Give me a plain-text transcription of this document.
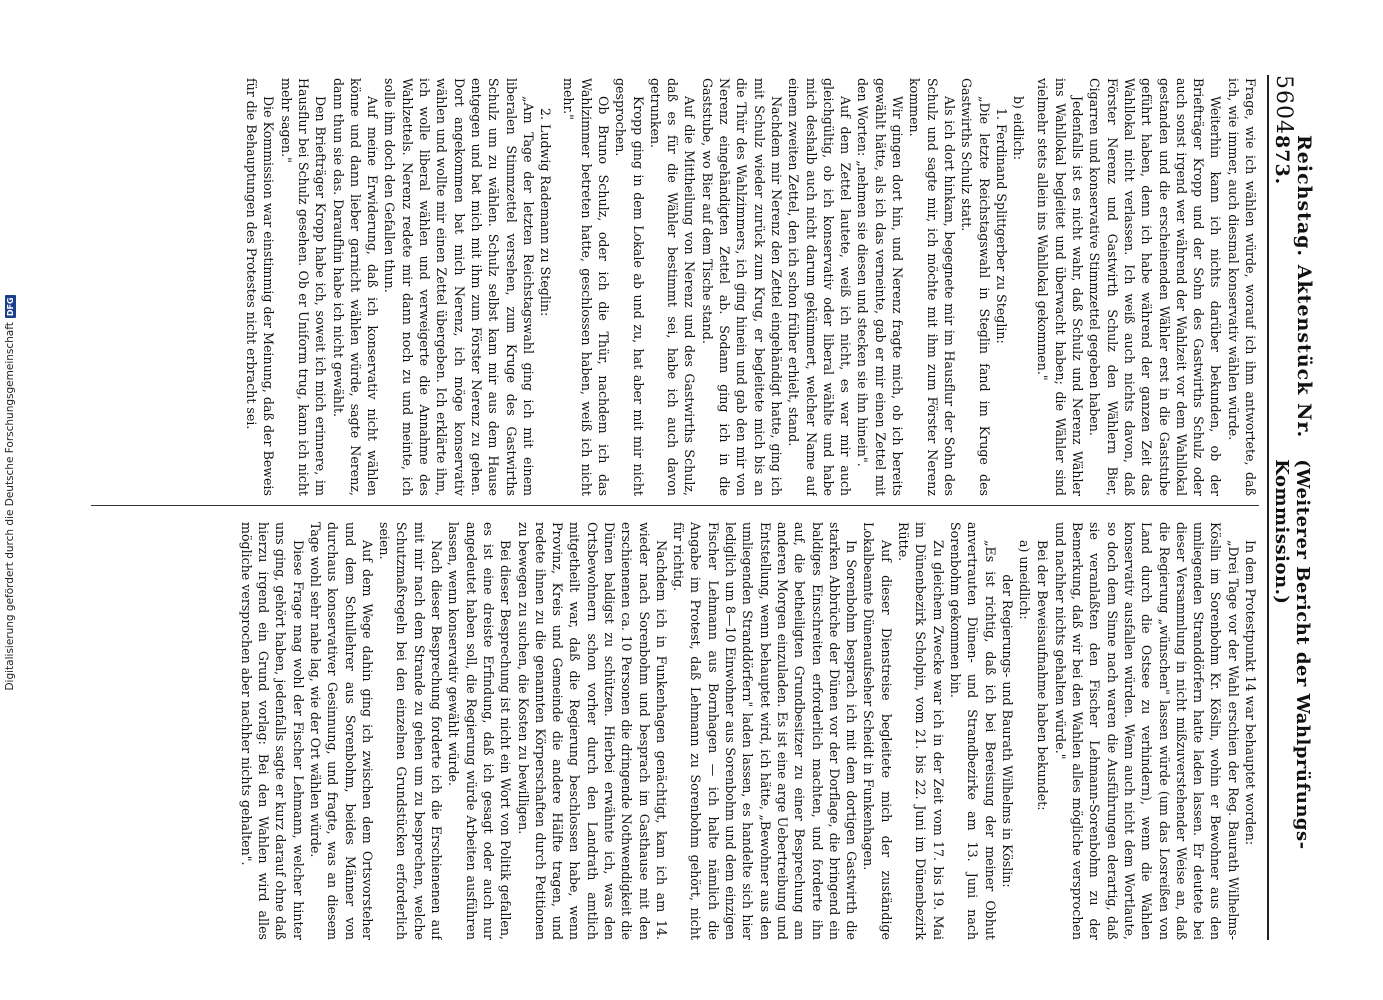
5604
Reichstag. Aktenstück Nr. 873.
(Weiterer Bericht der Wahlprüfungs-Kommission.)

Frage, wie ich wählen würde, worauf ich ihm antwortete, daß ich, wie immer, auch diesmal konservativ wählen würde.

Weiterhin kann ich nichts darüber bekunden, ob der Briefträger Kropp und der Sohn des Gastwirths Schulz oder auch sonst irgend wer während der Wahlzeit vor dem Wahllokal gestanden und die erscheinenden Wähler erst in die Gaststube geführt haben, denn ich habe während der ganzen Zeit das Wahllokal nicht verlassen. Ich weiß auch nichts davon, daß Förster Nerenz und Gastwirth Schulz den Wählern Bier, Cigarren und konservative Stimmzettel gegeben haben.

Jedenfalls ist es nicht wahr, daß Schulz und Nerenz Wähler ins Wahllokal begleitet und überwacht haben; die Wähler sind vielmehr stets allein ins Wahllokal gekommen."

b) eidlich:

1. Ferdinand Splittgerber zu Steglin:

„Die letzte Reichstagswahl in Steglin fand im Kruge des Gastwirths Schulz statt.

Als ich dort hinkam, begegnete mir im Hausflur der Sohn des Schulz und sagte mir, ich möchte mit ihm zum Förster Nerenz kommen.

Wir gingen dort hin, und Nerenz fragte mich, ob ich bereits gewählt hätte, als ich das verneinte, gab er mir einen Zettel mit den Worten: „nehmen sie diesen und stecken sie ihn hinein".

Auf dem Zettel lautete, weiß ich nicht, es war mir auch gleichgültig, ob ich konservativ oder liberal wählte und habe mich deshalb auch nicht darum gekümmert, welcher Name auf einem zweiten Zettel, den ich schon früher erhielt, stand.

Nachdem mir Nerenz den Zettel eingehändigt hatte, ging ich mit Schulz wieder zurück zum Krug, er begleitete mich bis an die Thür des Wahlzimmers, ich ging hinein und gab den mir von Nerenz eingehändigten Zettel ab. Sodann ging ich in die Gaststube, wo Bier auf dem Tische stand.

Auf die Mittheilung von Nerenz und des Gastwirths Schulz, daß es für die Wähler bestimmt sei, habe ich auch davon getrunken.

Kropp ging in dem Lokale ab und zu, hat aber mit mir nicht gesprochen.

Ob Bruno Schulz, oder ich die Thür, nachdem ich das Wahlzimmer betreten hatte, geschlossen haben, weiß ich nicht mehr."

2. Ludwig Rademann zu Steglin:

„Am Tage der letzten Reichstagswahl ging ich mit einem liberalen Stimmzettel versehen, zum Kruge des Gastwirths Schulz um zu wählen. Schulz selbst kam mir aus dem Hause entgegen und bat mich mit ihm zum Förster Nerenz zu gehen. Dort angekommen bat mich Nerenz, ich möge konservativ wählen und wollte mir einen Zettel übergeben. Ich erklärte ihm, ich wolle liberal wählen und verweigerte die Annahme des Wahlzettels. Nerenz redete mir dann noch zu und meinte, ich solle ihm doch den Gefallen thun.

Auf meine Erwiderung, daß ich konservativ nicht wählen könne und dann lieber garnicht wählen würde, sagte Nerenz, dann thun sie das. Daraufhin habe ich nicht gewählt.

Den Briefträger Kropp habe ich, soweit ich mich erinnere, im Hausflur bei Schulz gesehen. Ob er Uniform trug, kann ich nicht mehr sagen."

Die Kommission war einstimmig der Meinung, daß der Beweis für die Behauptungen des Protestes nicht erbracht sei.

In dem Protestpunkt 14 war behauptet worden:

„Drei Tage vor der Wahl erschien der Reg. Baurath Wilhelms-Köslin im Sorenbohm Kr. Köslin, wohin er Bewohner aus den umliegenden Stranddörfern hatte laden lassen. Er deutete bei dieser Versammlung in nicht mißzuverstehender Weise an, daß die Regierung „wünschen" lassen würde (um das Losreißen von Land durch die Ostsee zu verhindern), wenn die Wahlen konservativ ausfallen würden. Wenn auch nicht dem Wortlaute, so doch dem Sinne nach waren die Ausführungen derartig, daß sie veranlaßten den Fischer Lehmann-Sorenbohm zu der Bemerkung, daß wir bei den Wahlen alles mögliche versprochen und nachher nichts gehalten würde."

Bei der Beweisaufnahme haben bekundet:

a) uneidlich:

der Regierungs- und Baurath Wilhelms in Köslin:

„Es ist richtig, daß ich bei Bereisung der meiner Obhut anvertrauten Dünen- und Strandbezirke am 13. Juni nach Sorenbohm gekommen bin.

Zu gleichem Zwecke war ich in der Zeit vom 17. bis 19. Mai im Dünenbezirk Scholpin, vom 21. bis 22. Juni im Dünenbezirk Rütte.

Auf dieser Dienstreise begleitete mich der zuständige Lokalbeamte Dünenaufseher Scheidt in Funkenhagen.

In Sorenbohm besprach ich mit dem dortigen Gastwirth die starken Abbrüche der Dünen vor der Dorflage, die bringend ein baldiges Einschreiten erforderlich machten, und forderte ihn auf, die betheiligten Grundbesitzer zu einer Besprechung am anderen Morgen einzuladen. Es ist eine arge Uebertreibung und Entstellung, wenn behauptet wird, ich hätte, „Bewohner aus den umliegenden Stranddörfern" laden lassen, es handelte sich hier lediglich um 8—10 Einwohner aus Sorenbohm und dem einzigen Fischer Lehmann aus Bornhagen — ich halte nämlich die Angabe im Protest, daß Lehmann zu Sorenbohm gehört, nicht für richtig.

Nachdem ich in Funkenhagen genächtigt, kam ich am 14. wieder nach Sorenbohm und besprach im Gasthause mit den erschienenen ca. 10 Personen die dringende Nothwendigkeit die Dünen baldigst zu schützen. Hierbei erwähnte ich, was den Ortsbewohnern schon vorher durch den Landrath amtlich mitgetheilt war, daß die Regierung beschlossen habe, wenn Provinz, Kreis und Gemeinde die andere Hälfte tragen, und redete ihnen zu die genannten Körperschaften durch Petitionen zu bewegen zu suchen, die Kosten zu bewilligen.

Bei dieser Besprechung ist nicht ein Wort von Politik gefallen, es ist eine dreiste Erfindung, daß ich gesagt oder auch nur angedeutet haben soll, die Regierung würde Arbeiten ausführen lassen, wenn konservativ gewählt würde.

Nach dieser Besprechung forderte ich die Erschienenen auf mit mir nach dem Strande zu gehen um zu besprechen, welche Schutzmaßregeln bei den einzelnen Grundstücken erforderlich seien.

Auf dem Wege dahin ging ich zwischen dem Ortsvorsteher und dem Schullehrer aus Sorenbohm, beides Männer von durchaus konservativer Gesinnung, und fragte, was an diesem Tage wohl sehr nahe lag, wie der Ort wählen würde.

Diese Frage mag wohl der Fischer Lehmann, welcher hinter uns ging, gehört haben, jedenfalls sagte er kurz darauf ohne daß hierzu irgend ein Grund vorlag: Bei den Wahlen wird alles mögliche versprochen aber nachher nichts gehalten".

Digitalisierung gefördert durch die Deutsche Forschungsgemeinschaft
DFG
